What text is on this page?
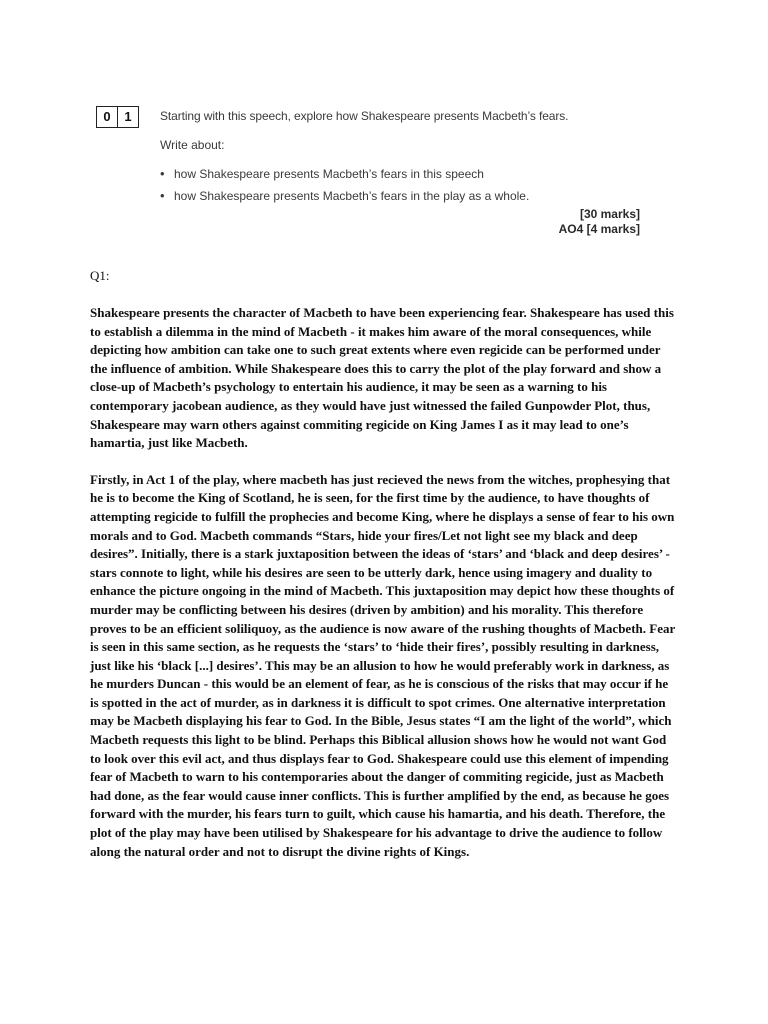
0	1	Starting with this speech, explore how Shakespeare presents Macbeth’s fears.
Write about:
• how Shakespeare presents Macbeth’s fears in this speech
• how Shakespeare presents Macbeth’s fears in the play as a whole.
[30 marks]
AO4 [4 marks]
Q1:

Shakespeare presents the character of Macbeth to have been experiencing fear. Shakespeare has used this to establish a dilemma in the mind of Macbeth - it makes him aware of the moral consequences, while depicting how ambition can take one to such great extents where even regicide can be performed under the influence of ambition. While Shakespeare does this to carry the plot of the play forward and show a close-up of Macbeth’s psychology to entertain his audience, it may be seen as a warning to his contemporary jacobean audience, as they would have just witnessed the failed Gunpowder Plot, thus, Shakespeare may warn others against commiting regicide on King James I as it may lead to one’s hamartia, just like Macbeth.

Firstly, in Act 1 of the play, where macbeth has just recieved the news from the witches, prophesying that he is to become the King of Scotland, he is seen, for the first time by the audience, to have thoughts of attempting regicide to fulfill the prophecies and become King, where he displays a sense of fear to his own morals and to God. Macbeth commands “Stars, hide your fires/Let not light see my black and deep desires”. Initially, there is a stark juxtaposition between the ideas of ‘stars’ and ‘black and deep desires’ - stars connote to light, while his desires are seen to be utterly dark, hence using imagery and duality to enhance the picture ongoing in the mind of Macbeth. This juxtaposition may depict how these thoughts of murder may be conflicting between his desires (driven by ambition) and his morality. This therefore proves to be an efficient soliliquoy, as the audience is now aware of the rushing thoughts of Macbeth. Fear is seen in this same section, as he requests the ‘stars’ to ‘hide their fires’, possibly resulting in darkness, just like his ‘black [...] desires’. This may be an allusion to how he would preferably work in darkness, as he murders Duncan - this would be an element of fear, as he is conscious of the risks that may occur if he is spotted in the act of murder, as in darkness it is difficult to spot crimes. One alternative interpretation may be Macbeth displaying his fear to God. In the Bible, Jesus states “I am the light of the world”, which Macbeth requests this light to be blind. Perhaps this Biblical allusion shows how he would not want God to look over this evil act, and thus displays fear to God. Shakespeare could use this element of impending fear of Macbeth to warn to his contemporaries about the danger of commiting regicide, just as Macbeth had done, as the fear would cause inner conflicts. This is further amplified by the end, as because he goes forward with the murder, his fears turn to guilt, which cause his hamartia, and his death. Therefore, the plot of the play may have been utilised by Shakespeare for his advantage to drive the audience to follow along the natural order and not to disrupt the divine rights of Kings.
